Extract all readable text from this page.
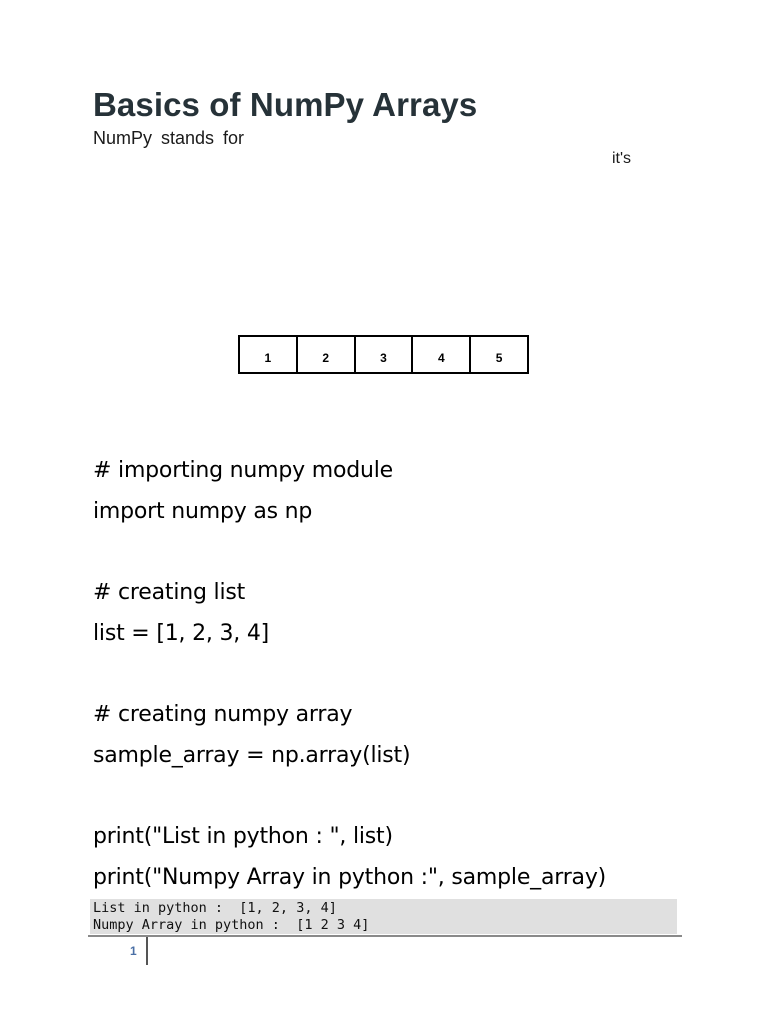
Basics of NumPy Arrays
NumPy stands for
it's
1	2	3	4	5
# importing numpy module
import numpy as np
# creating list
list = [1, 2, 3, 4]
# creating numpy array
sample_array = np.array(list)
print("List in python : ", list)
print("Numpy Array in python :", sample_array)
List in python :  [1, 2, 3, 4]
Numpy Array in python :  [1 2 3 4]
1
